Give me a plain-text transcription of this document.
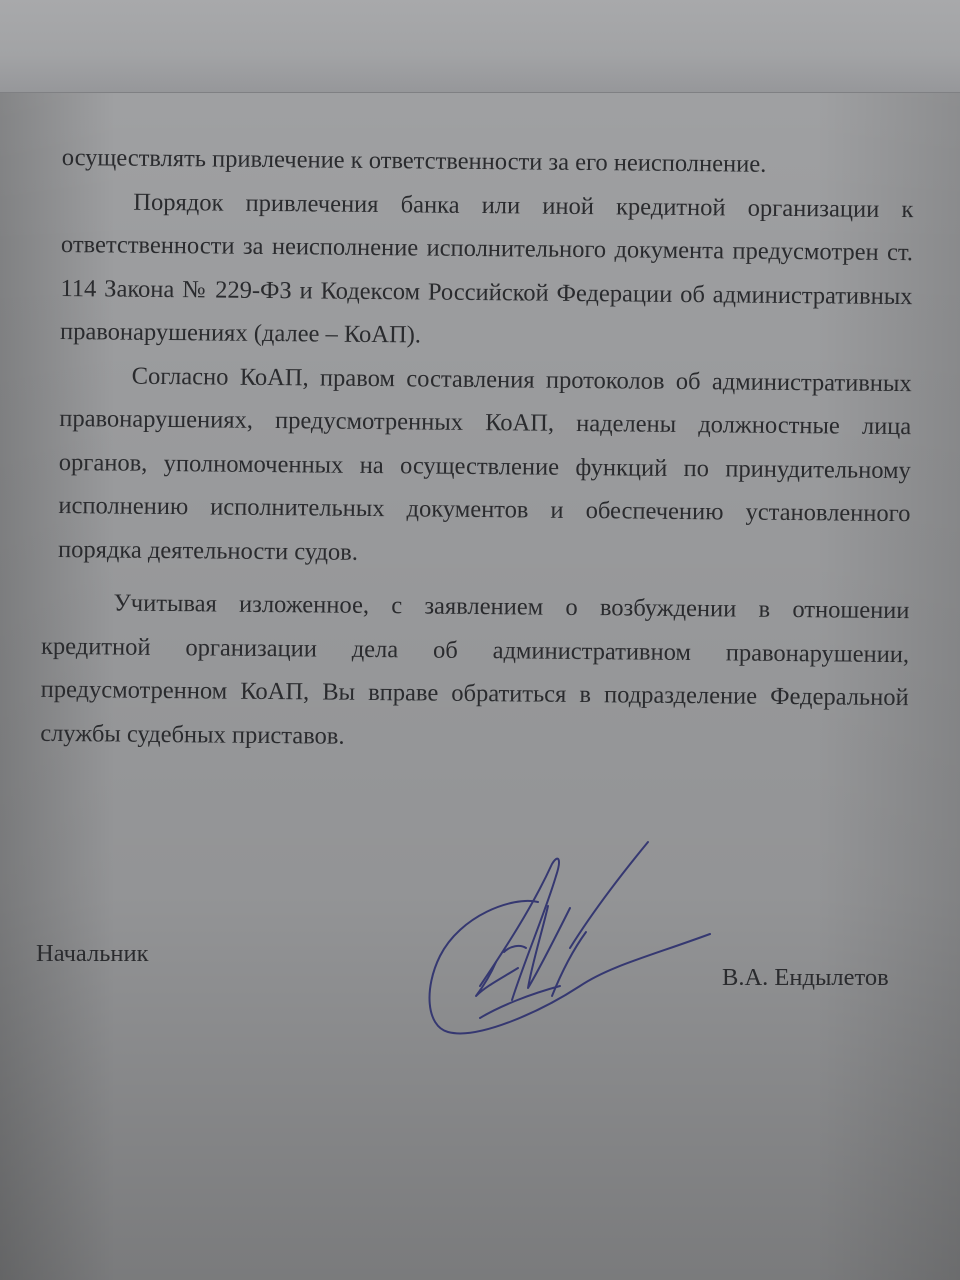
осуществлять привлечение к ответственности за его неисполнение.

Порядок привлечения банка или иной кредитной организации к ответственности за неисполнение исполнительного документа предусмотрен ст. 114 Закона № 229-ФЗ и Кодексом Российской Федерации об административных правонарушениях (далее – КоАП).

Согласно КоАП, правом составления протоколов об административных правонарушениях, предусмотренных КоАП, наделены должностные лица органов, уполномоченных на осуществление функций по принудительному исполнению исполнительных документов и обеспечению установленного порядка деятельности судов.

Учитывая изложенное, с заявлением о возбуждении в отношении кредитной организации дела об административном правонарушении, предусмотренном КоАП, Вы вправе обратиться в подразделение Федеральной службы судебных приставов.

Начальник
В.А. Ендылетов
